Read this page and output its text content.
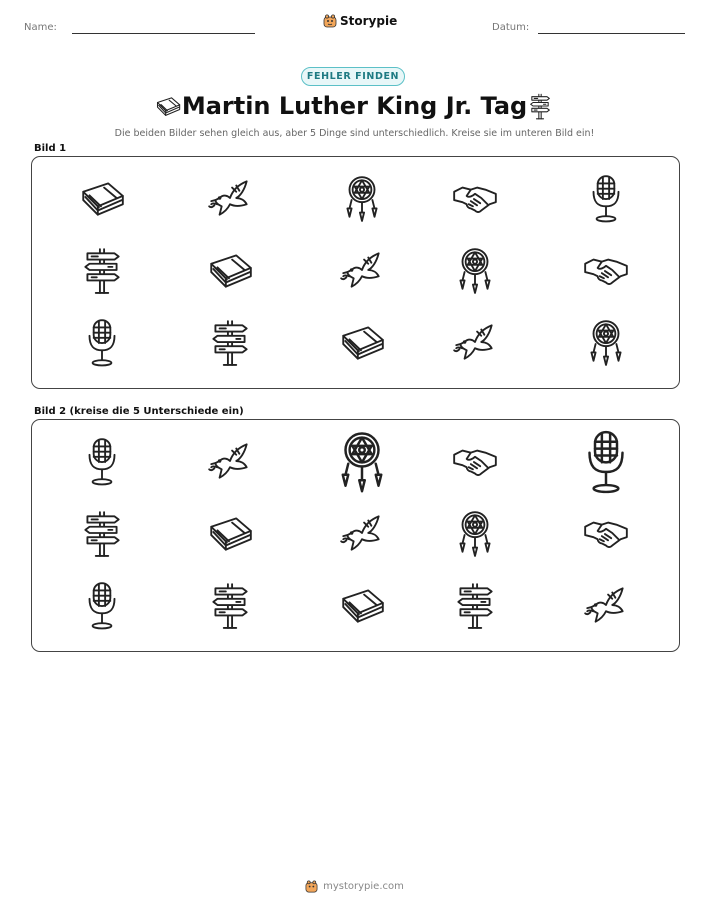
Name:	Storypie	Datum:
FEHLER FINDEN
Martin Luther King Jr. Tag
Die beiden Bilder sehen gleich aus, aber 5 Dinge sind unterschiedlich. Kreise sie im unteren Bild ein!
Bild 1
Bild 2 (kreise die 5 Unterschiede ein)
mystorypie.com
